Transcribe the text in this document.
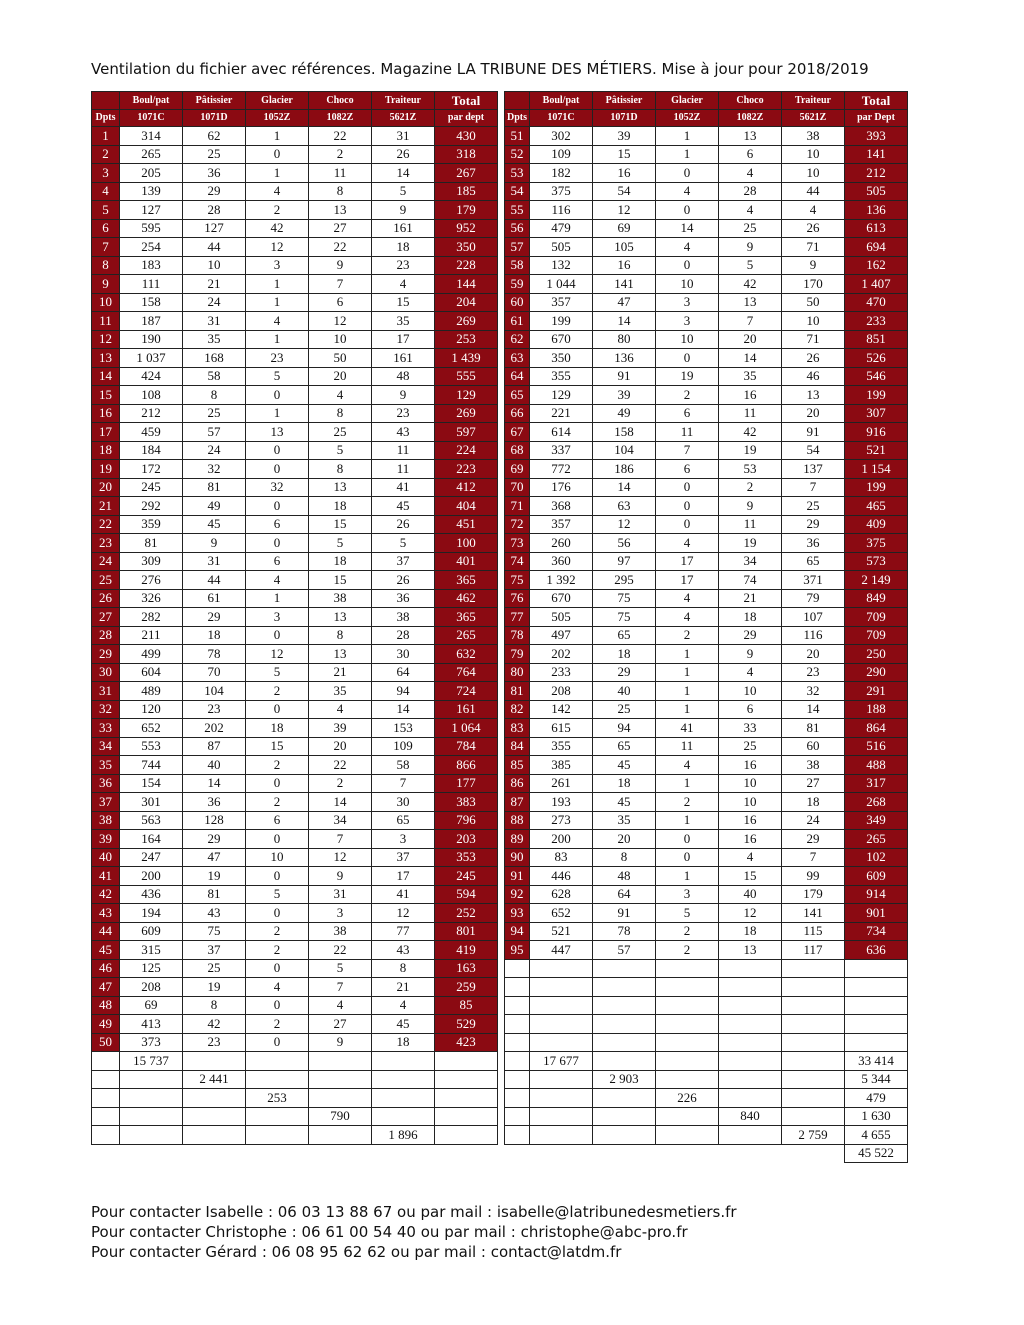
Ventilation du fichier avec références. Magazine LA TRIBUNE DES MÉTIERS. Mise à jour pour 2018/2019
	Boul/pat	Pâtissier	Glacier	Choco	Traiteur	Total			Boul/pat	Pâtissier	Glacier	Choco	Traiteur	Total
Dpts	1071C	1071D	1052Z	1082Z	5621Z	par dept		Dpts	1071C	1071D	1052Z	1082Z	5621Z	par Dept
1	314	62	1	22	31	430		51	302	39	1	13	38	393
2	265	25	0	2	26	318		52	109	15	1	6	10	141
3	205	36	1	11	14	267		53	182	16	0	4	10	212
4	139	29	4	8	5	185		54	375	54	4	28	44	505
5	127	28	2	13	9	179		55	116	12	0	4	4	136
6	595	127	42	27	161	952		56	479	69	14	25	26	613
7	254	44	12	22	18	350		57	505	105	4	9	71	694
8	183	10	3	9	23	228		58	132	16	0	5	9	162
9	111	21	1	7	4	144		59	1 044	141	10	42	170	1 407
10	158	24	1	6	15	204		60	357	47	3	13	50	470
11	187	31	4	12	35	269		61	199	14	3	7	10	233
12	190	35	1	10	17	253		62	670	80	10	20	71	851
13	1 037	168	23	50	161	1 439		63	350	136	0	14	26	526
14	424	58	5	20	48	555		64	355	91	19	35	46	546
15	108	8	0	4	9	129		65	129	39	2	16	13	199
16	212	25	1	8	23	269		66	221	49	6	11	20	307
17	459	57	13	25	43	597		67	614	158	11	42	91	916
18	184	24	0	5	11	224		68	337	104	7	19	54	521
19	172	32	0	8	11	223		69	772	186	6	53	137	1 154
20	245	81	32	13	41	412		70	176	14	0	2	7	199
21	292	49	0	18	45	404		71	368	63	0	9	25	465
22	359	45	6	15	26	451		72	357	12	0	11	29	409
23	81	9	0	5	5	100		73	260	56	4	19	36	375
24	309	31	6	18	37	401		74	360	97	17	34	65	573
25	276	44	4	15	26	365		75	1 392	295	17	74	371	2 149
26	326	61	1	38	36	462		76	670	75	4	21	79	849
27	282	29	3	13	38	365		77	505	75	4	18	107	709
28	211	18	0	8	28	265		78	497	65	2	29	116	709
29	499	78	12	13	30	632		79	202	18	1	9	20	250
30	604	70	5	21	64	764		80	233	29	1	4	23	290
31	489	104	2	35	94	724		81	208	40	1	10	32	291
32	120	23	0	4	14	161		82	142	25	1	6	14	188
33	652	202	18	39	153	1 064		83	615	94	41	33	81	864
34	553	87	15	20	109	784		84	355	65	11	25	60	516
35	744	40	2	22	58	866		85	385	45	4	16	38	488
36	154	14	0	2	7	177		86	261	18	1	10	27	317
37	301	36	2	14	30	383		87	193	45	2	10	18	268
38	563	128	6	34	65	796		88	273	35	1	16	24	349
39	164	29	0	7	3	203		89	200	20	0	16	29	265
40	247	47	10	12	37	353		90	83	8	0	4	7	102
41	200	19	0	9	17	245		91	446	48	1	15	99	609
42	436	81	5	31	41	594		92	628	64	3	40	179	914
43	194	43	0	3	12	252		93	652	91	5	12	141	901
44	609	75	2	38	77	801		94	521	78	2	18	115	734
45	315	37	2	22	43	419		95	447	57	2	13	117	636
46	125	25	0	5	8	163								
47	208	19	4	7	21	259								
48	69	8	0	4	4	85								
49	413	42	2	27	45	529								
50	373	23	0	9	18	423								
	15 737								17 677					33 414
		2 441								2 903				5 344
			253								226			479
				790								840		1 630
					1 896								2 759	4 655
														45 522
Pour contacter Isabelle : 06 03 13 88 67 ou par mail : isabelle@latribunedesmetiers.fr
Pour contacter Christophe : 06 61 00 54 40 ou par mail : christophe@abc-pro.fr
Pour contacter Gérard : 06 08 95 62 62 ou par mail : contact@latdm.fr
